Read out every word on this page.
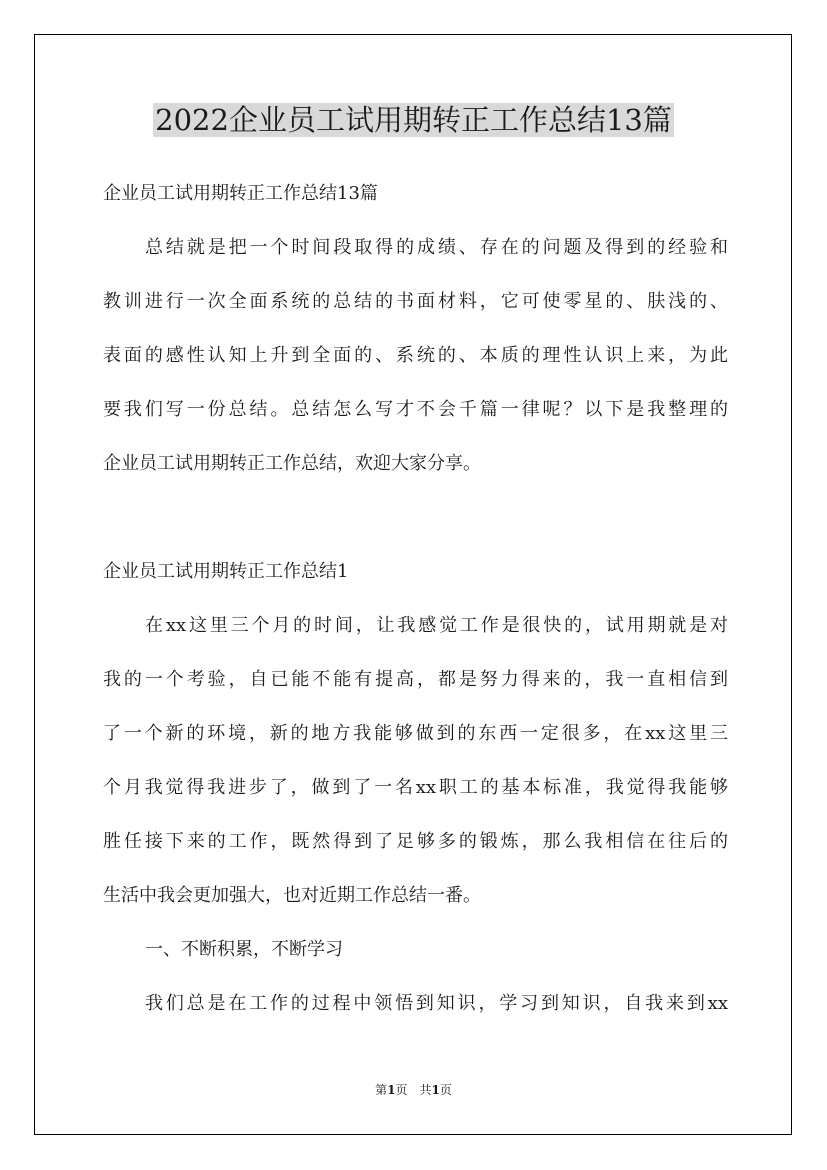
2022企业员工试用期转正工作总结13篇
企业员工试用期转正工作总结13篇
总结就是把一个时间段取得的成绩、存在的问题及得到的经验和
教训进行一次全面系统的总结的书面材料，它可使零星的、肤浅的、
表面的感性认知上升到全面的、系统的、本质的理性认识上来，为此
要我们写一份总结。总结怎么写才不会千篇一律呢？以下是我整理的
企业员工试用期转正工作总结，欢迎大家分享。
企业员工试用期转正工作总结1
在xx这里三个月的时间，让我感觉工作是很快的，试用期就是对
我的一个考验，自已能不能有提高，都是努力得来的，我一直相信到
了一个新的环境，新的地方我能够做到的东西一定很多，在xx这里三
个月我觉得我进步了，做到了一名xx职工的基本标准，我觉得我能够
胜任接下来的工作，既然得到了足够多的锻炼，那么我相信在往后的
生活中我会更加强大，也对近期工作总结一番。
一、不断积累，不断学习
我们总是在工作的过程中领悟到知识，学习到知识，自我来到xx
第1页　共1页
